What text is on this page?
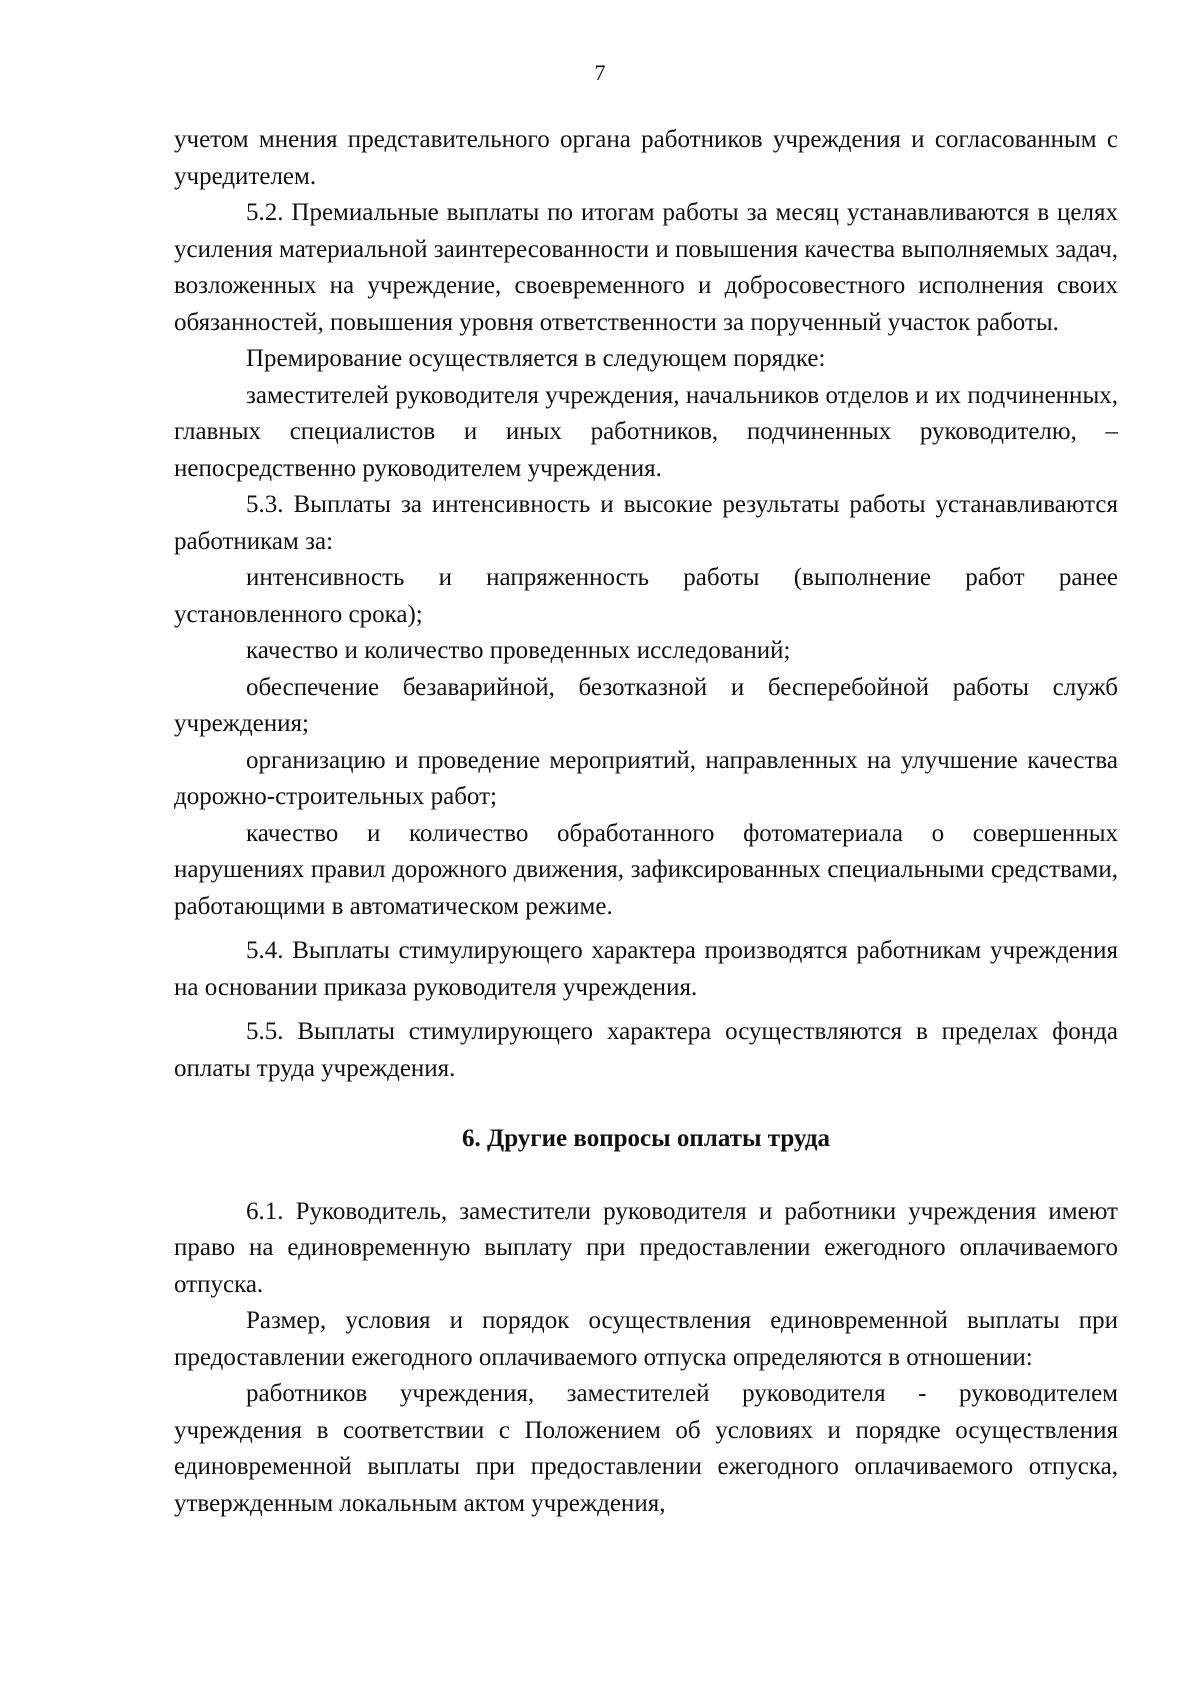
7

учетом мнения представительного органа работников учреждения и согласованным с учредителем.

5.2. Премиальные выплаты по итогам работы за месяц устанавливаются в целях усиления материальной заинтересованности и повышения качества выполняемых задач, возложенных на учреждение, своевременного и добросовестного исполнения своих обязанностей, повышения уровня ответственности за порученный участок работы.

Премирование осуществляется в следующем порядке:

заместителей руководителя учреждения, начальников отделов и их подчиненных, главных специалистов и иных работников, подчиненных руководителю, – непосредственно руководителем учреждения.

5.3. Выплаты за интенсивность и высокие результаты работы устанавливаются работникам за:

интенсивность и напряженность работы (выполнение работ ранее установленного срока);

качество и количество проведенных исследований;

обеспечение безаварийной, безотказной и бесперебойной работы служб учреждения;

организацию и проведение мероприятий, направленных на улучшение качества дорожно-строительных работ;

качество и количество обработанного фотоматериала о совершенных нарушениях правил дорожного движения, зафиксированных специальными средствами, работающими в автоматическом режиме.

5.4. Выплаты стимулирующего характера производятся работникам учреждения на основании приказа руководителя учреждения.

5.5. Выплаты стимулирующего характера осуществляются в пределах фонда оплаты труда учреждения.

6. Другие вопросы оплаты труда

6.1. Руководитель, заместители руководителя и работники учреждения имеют право на единовременную выплату при предоставлении ежегодного оплачиваемого отпуска.

Размер, условия и порядок осуществления единовременной выплаты при предоставлении ежегодного оплачиваемого отпуска определяются в отношении:

работников учреждения, заместителей руководителя - руководителем учреждения в соответствии с Положением об условиях и порядке осуществления единовременной выплаты при предоставлении ежегодного оплачиваемого отпуска, утвержденным локальным актом учреждения,
